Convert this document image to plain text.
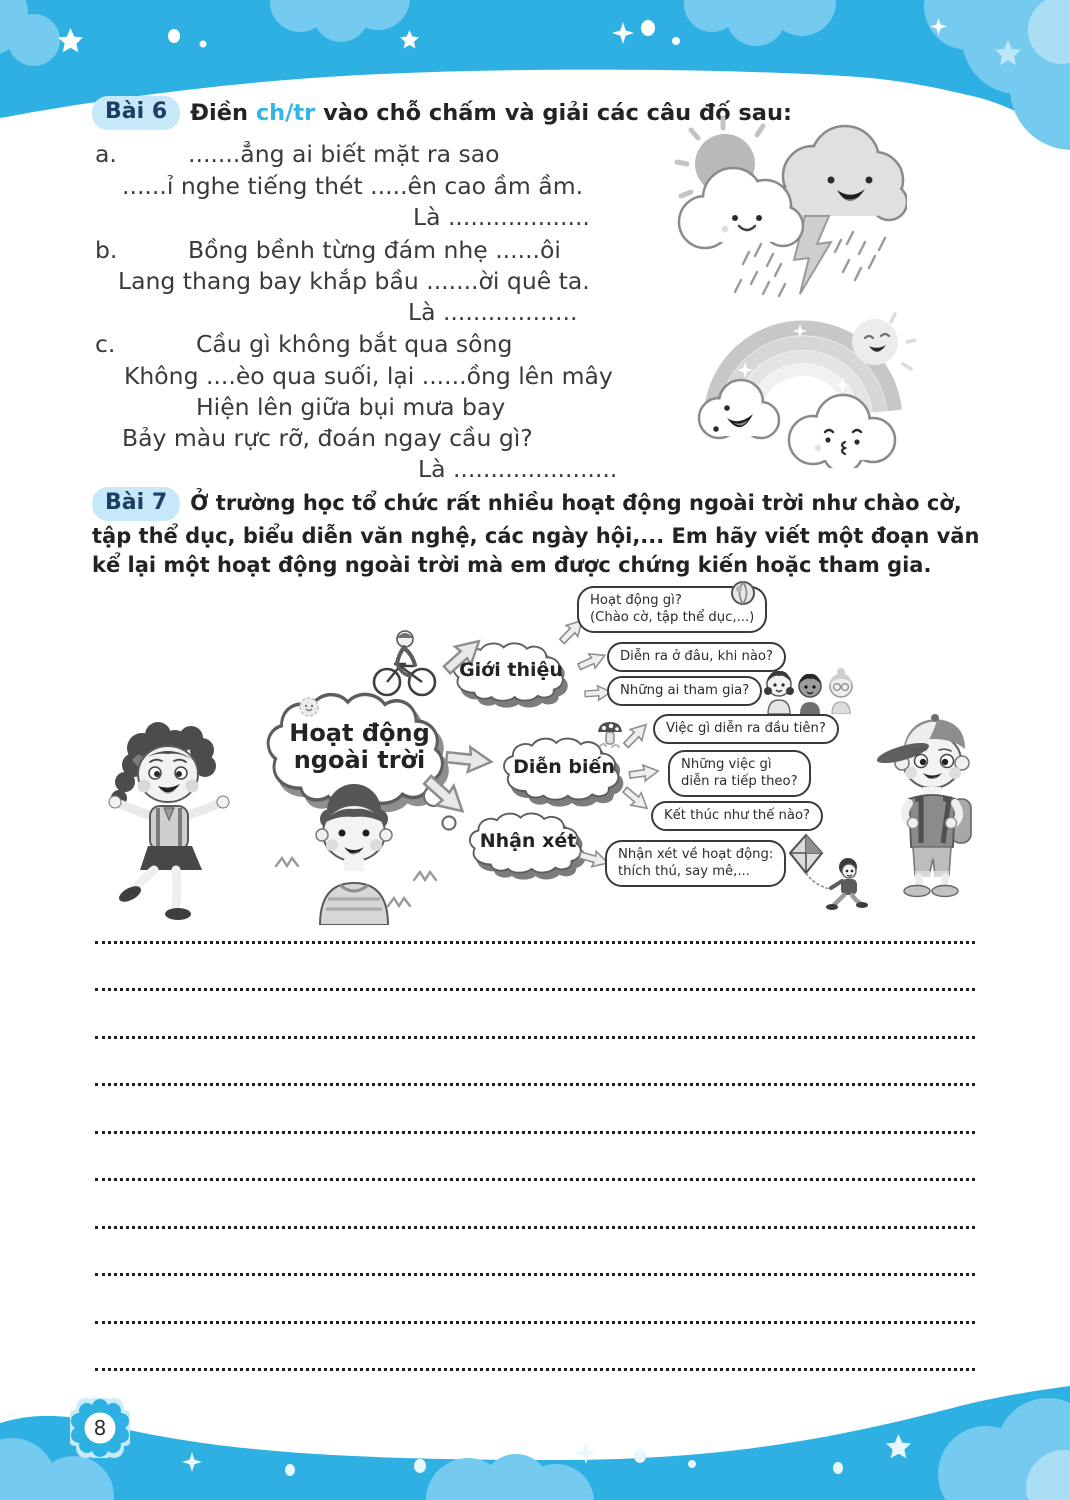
Bài 6	Điền ch/tr vào chỗ chấm và giải các câu đố sau:
a.	.......ẳng ai biết mặt ra sao
......ỉ nghe tiếng thét .....ên cao ầm ầm.
Là ...................
b.	Bồng bềnh từng đám nhẹ ......ôi
Lang thang bay khắp bầu .......ời quê ta.
Là ..................
c.	Cầu gì không bắt qua sông
Không ....èo qua suối, lại ......ồng lên mây
Hiện lên giữa bụi mưa bay
Bảy màu rực rỡ, đoán ngay cầu gì?
Là ......................
Bài 7 Ở trường học tổ chức rất nhiều hoạt động ngoài trời như chào cờ, tập thể dục, biểu diễn văn nghệ, các ngày hội,... Em hãy viết một đoạn văn kể lại một hoạt động ngoài trời mà em được chứng kiến hoặc tham gia.
Hoạt động
ngoài trời
Giới thiệu
Diễn biến
Nhận xét
Hoạt động gì?
(Chào cờ, tập thể dục,...)
Diễn ra ở đâu, khi nào?
Những ai tham gia?
Việc gì diễn ra đầu tiên?
Những việc gì
diễn ra tiếp theo?
Kết thúc như thế nào?
Nhận xét về hoạt động:
thích thú, say mê,...
8
